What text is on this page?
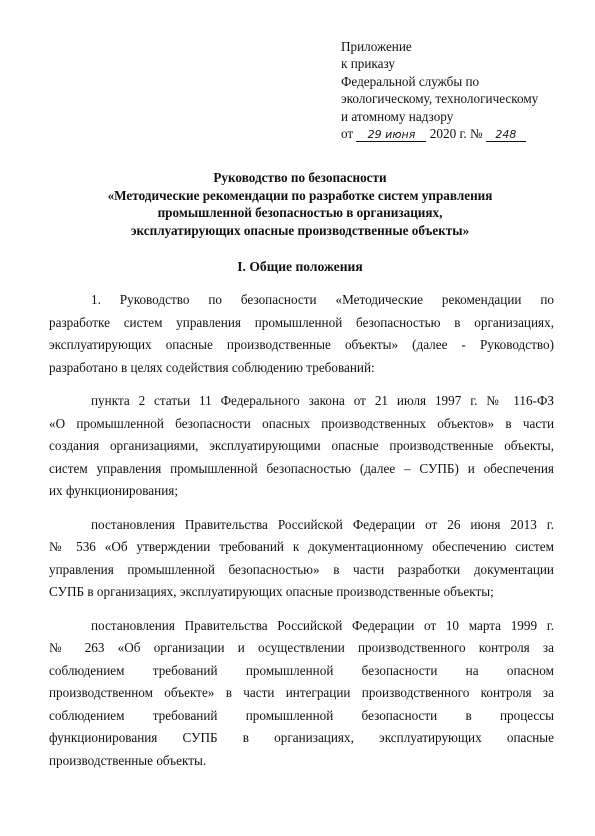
Приложение
к приказу
Федеральной службы по
экологическому, технологическому
и атомному надзору
от 29 июня 2020 г. № 248
Руководство по безопасности
«Методические рекомендации по разработке систем управления
промышленной безопасностью в организациях,
эксплуатирующих опасные производственные объекты»
I. Общие положения
1. Руководство по безопасности «Методические рекомендации по
разработке систем управления промышленной безопасностью в организациях,
эксплуатирующих опасные производственные объекты» (далее - Руководство)
разработано в целях содействия соблюдению требований:
пункта 2 статьи 11 Федерального закона от 21 июля 1997 г. № 116-ФЗ
«О промышленной безопасности опасных производственных объектов» в части
создания организациями, эксплуатирующими опасные производственные объекты,
систем управления промышленной безопасностью (далее – СУПБ) и обеспечения
их функционирования;
постановления Правительства Российской Федерации от 26 июня 2013 г.
№ 536 «Об утверждении требований к документационному обеспечению систем
управления промышленной безопасностью» в части разработки документации
СУПБ в организациях, эксплуатирующих опасные производственные объекты;
постановления Правительства Российской Федерации от 10 марта 1999 г.
№ 263 «Об организации и осуществлении производственного контроля за
соблюдением требований промышленной безопасности на опасном
производственном объекте» в части интеграции производственного контроля за
соблюдением требований промышленной безопасности в процессы
функционирования СУПБ в организациях, эксплуатирующих опасные
производственные объекты.
